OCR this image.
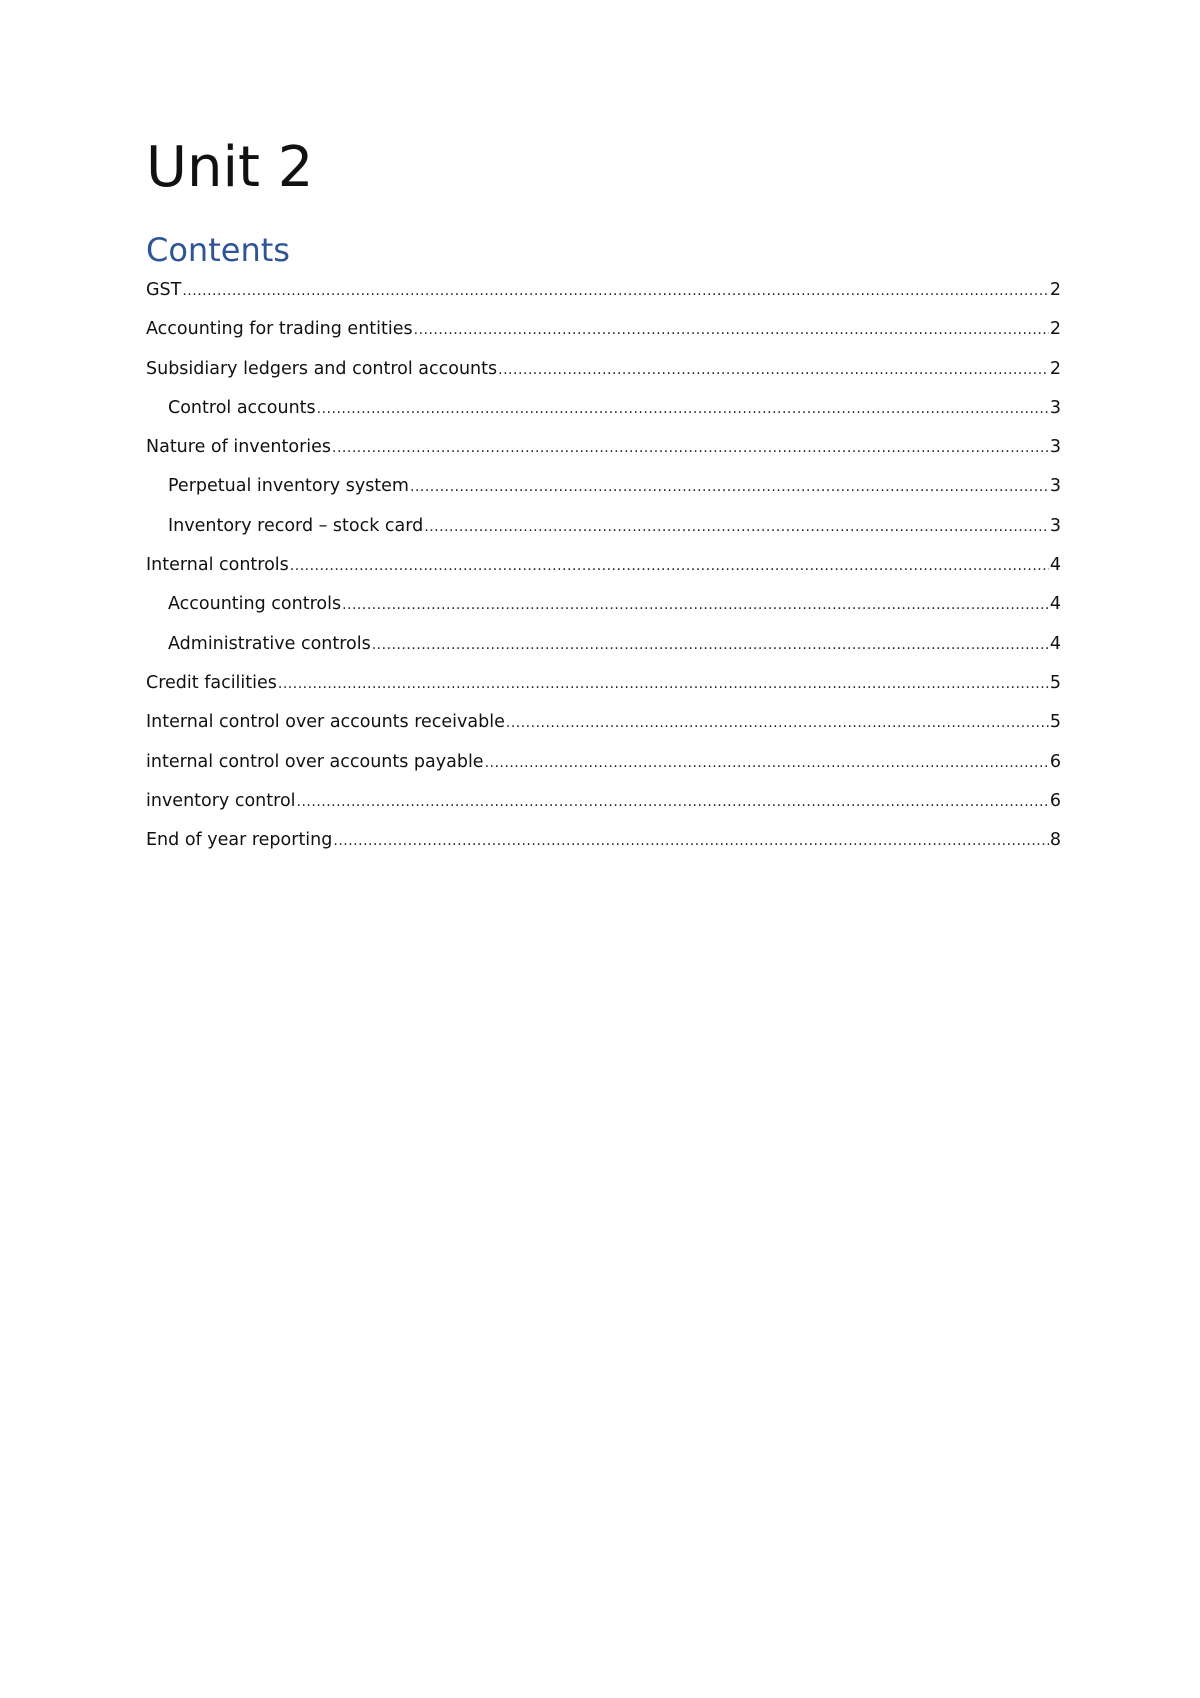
Unit 2
Contents
GST .....	2
Accounting for trading entities .....	2
Subsidiary ledgers and control accounts .....	2
Control accounts .....	3
Nature of inventories .....	3
Perpetual inventory system .....	3
Inventory record – stock card .....	3
Internal controls .....	4
Accounting controls .....	4
Administrative controls .....	4
Credit facilities .....	5
Internal control over accounts receivable .....	5
internal control over accounts payable .....	6
inventory control .....	6
End of year reporting .....	8
